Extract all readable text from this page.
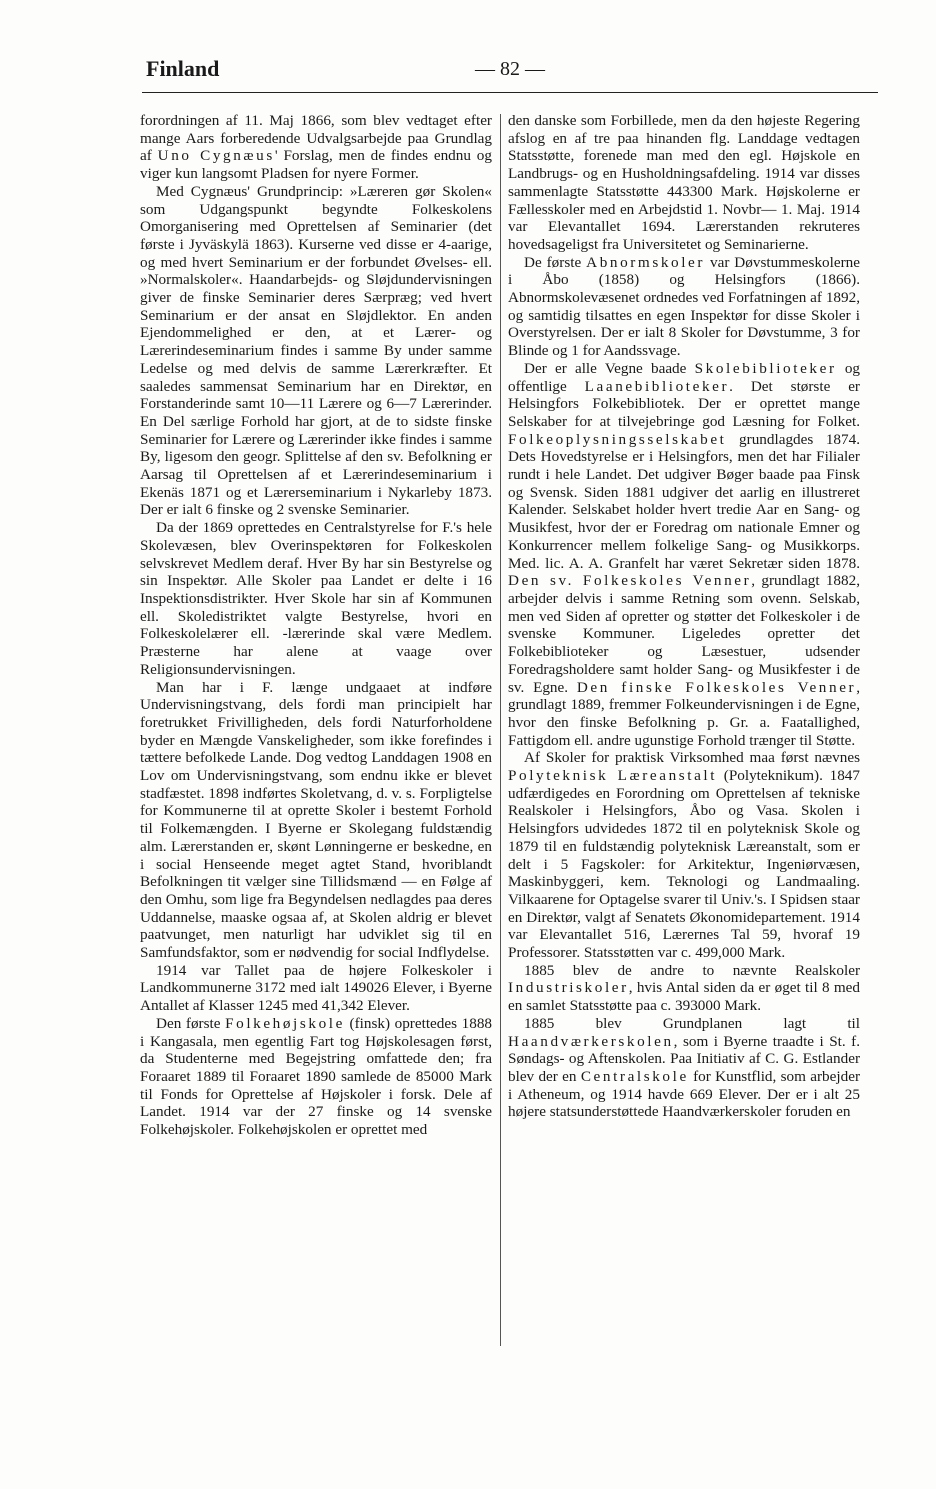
Finland	— 82 —

forordningen af 11. Maj 1866, som blev vedtaget efter mange Aars forberedende Udvalgsarbejde paa Grundlag af Uno Cygnæus' Forslag, men de findes endnu og viger kun langsomt Pladsen for nyere Former.

Med Cygnæus' Grundprincip: »Læreren gør Skolen« som Udgangspunkt begyndte Folkeskolens Omorganisering med Oprettelsen af Seminarier (det første i Jyväskylä 1863). Kurserne ved disse er 4-aarige, og med hvert Seminarium er der forbundet Øvelses- ell. »Normalskoler«. Haandarbejds- og Sløjdundervisningen giver de finske Seminarier deres Særpræg; ved hvert Seminarium er der ansat en Sløjdlektor. En anden Ejendommelighed er den, at et Lærer- og Lærerindeseminarium findes i samme By under samme Ledelse og med delvis de samme Lærerkræfter. Et saaledes sammensat Seminarium har en Direktør, en Forstanderinde samt 10—11 Lærere og 6—7 Lærerinder. En Del særlige Forhold har gjort, at de to sidste finske Seminarier for Lærere og Lærerinder ikke findes i samme By, ligesom den geogr. Splittelse af den sv. Befolkning er Aarsag til Oprettelsen af et Lærerindeseminarium i Ekenäs 1871 og et Lærerseminarium i Nykarleby 1873. Der er ialt 6 finske og 2 svenske Seminarier.

Da der 1869 oprettedes en Centralstyrelse for F.'s hele Skolevæsen, blev Overinspektøren for Folkeskolen selvskrevet Medlem deraf. Hver By har sin Bestyrelse og sin Inspektør. Alle Skoler paa Landet er delte i 16 Inspektionsdistrikter. Hver Skole har sin af Kommunen ell. Skoledistriktet valgte Bestyrelse, hvori en Folkeskolelærer ell. -lærerinde skal være Medlem. Præsterne har alene at vaage over Religionsundervisningen.

Man har i F. længe undgaaet at indføre Undervisningstvang, dels fordi man principielt har foretrukket Frivilligheden, dels fordi Naturforholdene byder en Mængde Vanskeligheder, som ikke forefindes i tættere befolkede Lande. Dog vedtog Landdagen 1908 en Lov om Undervisningstvang, som endnu ikke er blevet stadfæstet. 1898 indførtes Skoletvang, d. v. s. Forpligtelse for Kommunerne til at oprette Skoler i bestemt Forhold til Folkemængden. I Byerne er Skolegang fuldstændig alm. Lærerstanden er, skønt Lønningerne er beskedne, en i social Henseende meget agtet Stand, hvoriblandt Befolkningen tit vælger sine Tillidsmænd — en Følge af den Omhu, som lige fra Begyndelsen nedlagdes paa deres Uddannelse, maaske ogsaa af, at Skolen aldrig er blevet paatvunget, men naturligt har udviklet sig til en Samfundsfaktor, som er nødvendig for social Indflydelse.

1914 var Tallet paa de højere Folkeskoler i Landkommunerne 3172 med ialt 149026 Elever, i Byerne Antallet af Klasser 1245 med 41,342 Elever.

Den første Folkehøjskole (finsk) oprettedes 1888 i Kangasala, men egentlig Fart tog Højskolesagen først, da Studenterne med Begejstring omfattede den; fra Foraaret 1889 til Foraaret 1890 samlede de 85000 Mark til Fonds for Oprettelse af Højskoler i forsk. Dele af Landet. 1914 var der 27 finske og 14 svenske Folkehøjskoler. Folkehøjskolen er oprettet med

den danske som Forbillede, men da den højeste Regering afslog en af tre paa hinanden flg. Landdage vedtagen Statsstøtte, forenede man med den egl. Højskole en Landbrugs- og en Husholdningsafdeling. 1914 var disses sammenlagte Statsstøtte 443300 Mark. Højskolerne er Fællesskoler med en Arbejdstid 1. Novbr— 1. Maj. 1914 var Elevantallet 1694. Lærerstanden rekruteres hovedsageligst fra Universitetet og Seminarierne.

De første Abnormskoler var Døvstummeskolerne i Åbo (1858) og Helsingfors (1866). Abnormskolevæsenet ordnedes ved Forfatningen af 1892, og samtidig tilsattes en egen Inspektør for disse Skoler i Overstyrelsen. Der er ialt 8 Skoler for Døvstumme, 3 for Blinde og 1 for Aandssvage.

Der er alle Vegne baade Skolebiblioteker og offentlige Laanebiblioteker. Det største er Helsingfors Folkebibliotek. Der er oprettet mange Selskaber for at tilvejebringe god Læsning for Folket. Folkeoplysningsselskabet grundlagdes 1874. Dets Hovedstyrelse er i Helsingfors, men det har Filialer rundt i hele Landet. Det udgiver Bøger baade paa Finsk og Svensk. Siden 1881 udgiver det aarlig en illustreret Kalender. Selskabet holder hvert tredie Aar en Sang- og Musikfest, hvor der er Foredrag om nationale Emner og Konkurrencer mellem folkelige Sang- og Musikkorps. Med. lic. A. A. Granfelt har været Sekretær siden 1878. Den sv. Folkeskoles Venner, grundlagt 1882, arbejder delvis i samme Retning som ovenn. Selskab, men ved Siden af opretter og støtter det Folkeskoler i de svenske Kommuner. Ligeledes opretter det Folkebiblioteker og Læsestuer, udsender Foredragsholdere samt holder Sang- og Musikfester i de sv. Egne. Den finske Folkeskoles Venner, grundlagt 1889, fremmer Folkeundervisningen i de Egne, hvor den finske Befolkning p. Gr. a. Faatallighed, Fattigdom ell. andre ugunstige Forhold trænger til Støtte.

Af Skoler for praktisk Virksomhed maa først nævnes Polyteknisk Læreanstalt (Polyteknikum). 1847 udfærdigedes en Forordning om Oprettelsen af tekniske Realskoler i Helsingfors, Åbo og Vasa. Skolen i Helsingfors udvidedes 1872 til en polyteknisk Skole og 1879 til en fuldstændig polyteknisk Læreanstalt, som er delt i 5 Fagskoler: for Arkitektur, Ingeniørvæsen, Maskinbyggeri, kem. Teknologi og Landmaaling. Vilkaarene for Optagelse svarer til Univ.'s. I Spidsen staar en Direktør, valgt af Senatets Økonomidepartement. 1914 var Elevantallet 516, Lærernes Tal 59, hvoraf 19 Professorer. Statsstøtten var c. 499,000 Mark.

1885 blev de andre to nævnte Realskoler Industriskoler, hvis Antal siden da er øget til 8 med en samlet Statsstøtte paa c. 393000 Mark.

1885 blev Grundplanen lagt til Haandværkerskolen, som i Byerne traadte i St. f. Søndags- og Aftenskolen. Paa Initiativ af C. G. Estlander blev der en Centralskole for Kunstflid, som arbejder i Atheneum, og 1914 havde 669 Elever. Der er i alt 25 højere statsunderstøttede Haandværkerskoler foruden en
